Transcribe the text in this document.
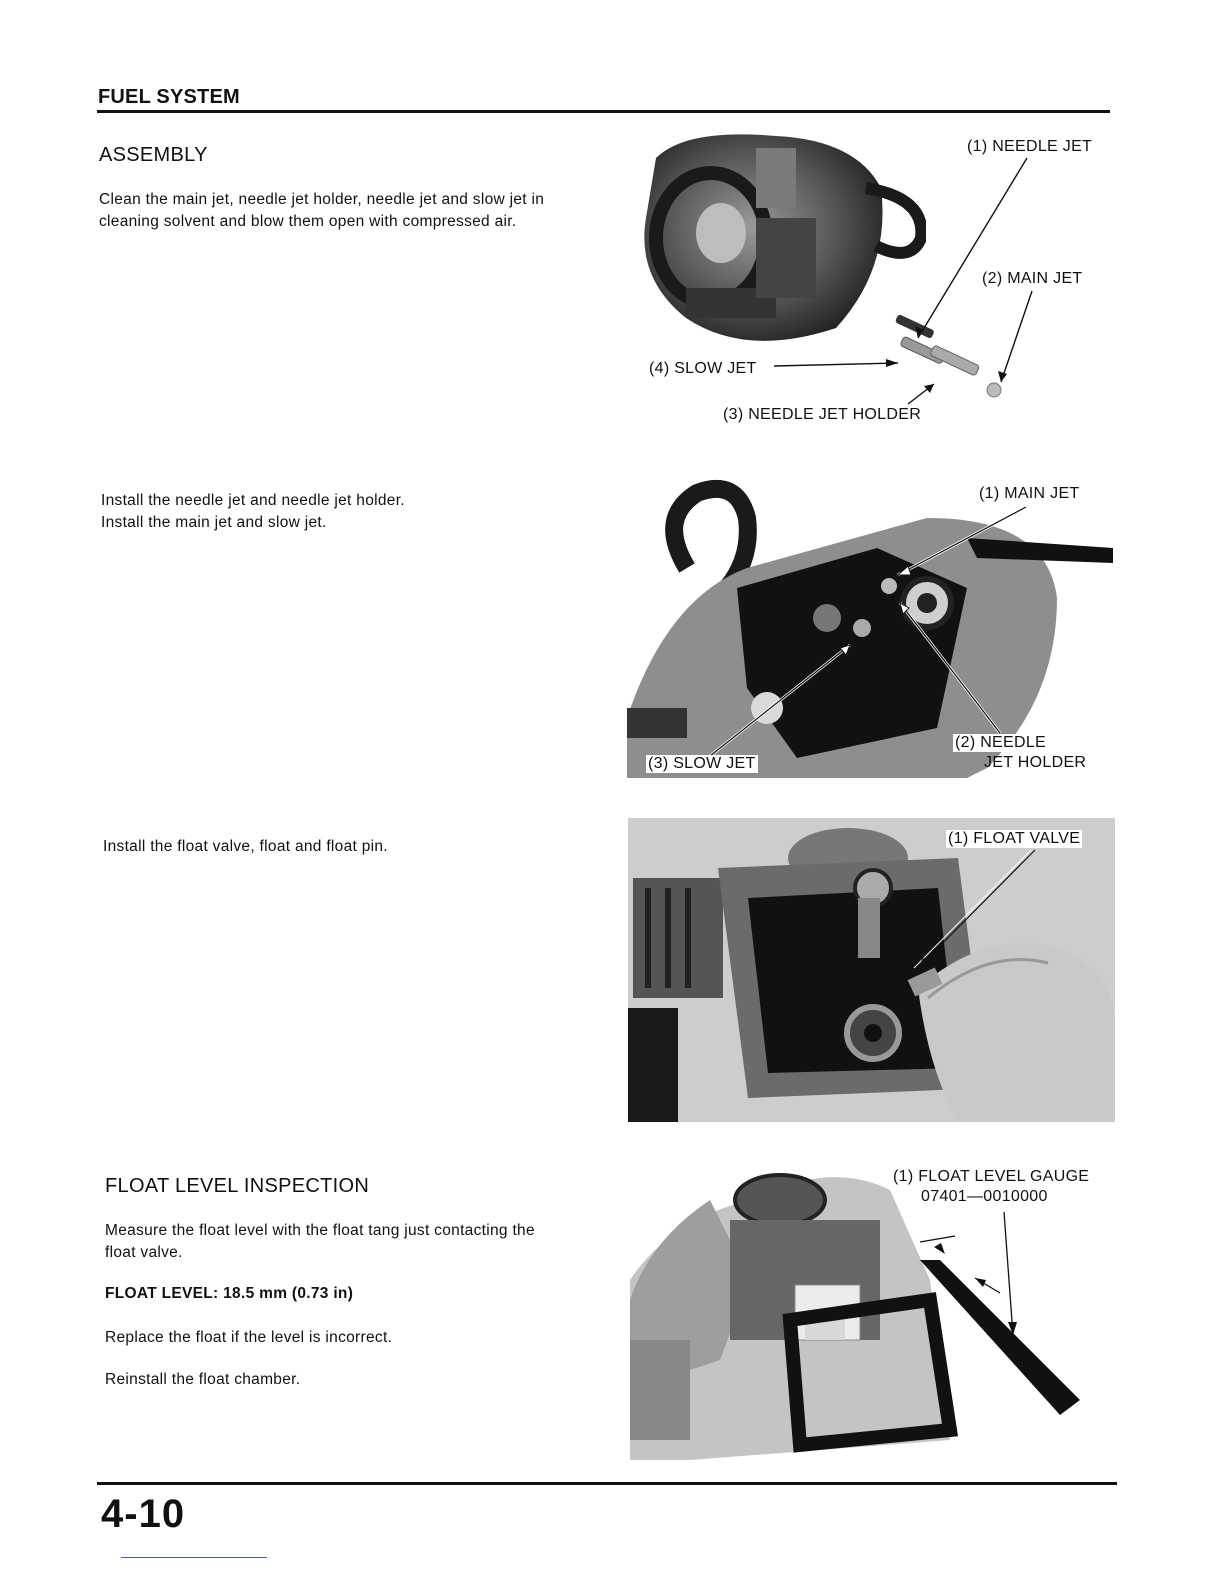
FUEL SYSTEM
ASSEMBLY
Clean the main jet, needle jet holder, needle jet and slow jet in
cleaning solvent and blow them open with compressed air.
(1) NEEDLE JET
(2) MAIN JET
(4) SLOW JET
(3) NEEDLE JET HOLDER
Install the needle jet and needle jet holder.
Install the main jet and slow jet.
(1) MAIN JET
(2) NEEDLE
JET HOLDER
(3) SLOW JET
Install the float valve, float and float pin.	(1) FLOAT VALVE
FLOAT LEVEL INSPECTION
Measure the float level with the float tang just contacting the
float valve.
FLOAT LEVEL: 18.5 mm (0.73 in)
Replace the float if the level is incorrect.
Reinstall the float chamber.
(1) FLOAT LEVEL GAUGE
07401—0010000
4-10
